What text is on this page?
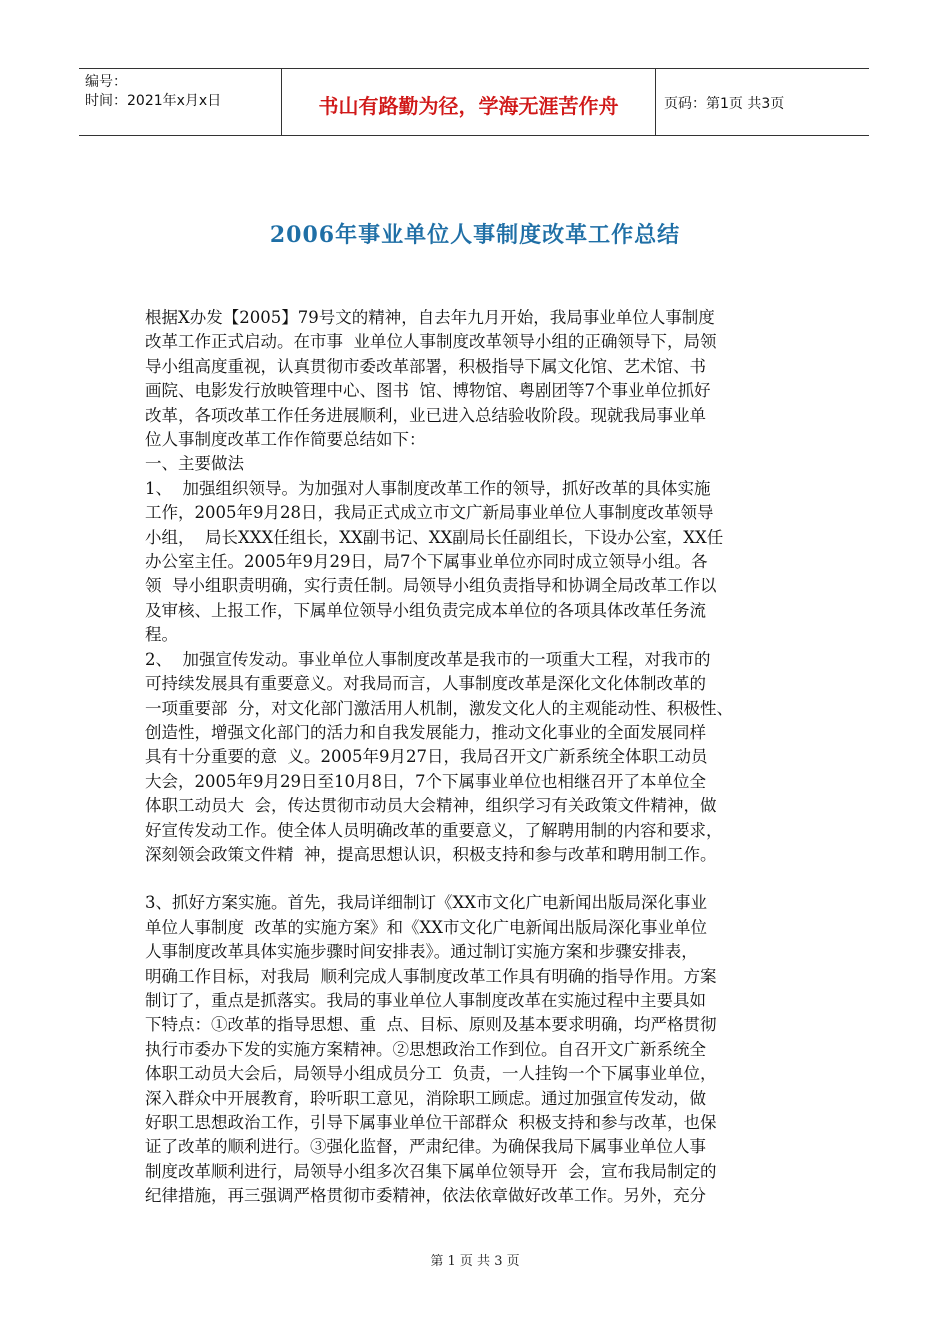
编号：
时间：2021年x月x日	书山有路勤为径，学海无涯苦作舟	页码：第1页 共3页
2006年事业单位人事制度改革工作总结

根据X办发【2005】79号文的精神，自去年九月开始，我局事业单位人事制度

改革工作正式启动。在市事  业单位人事制度改革领导小组的正确领导下，局领

导小组高度重视，认真贯彻市委改革部署，积极指导下属文化馆、艺术馆、书

画院、电影发行放映管理中心、图书  馆、博物馆、粤剧团等7个事业单位抓好

改革，各项改革工作任务进展顺利，业已进入总结验收阶段。现就我局事业单

位人事制度改革工作作简要总结如下：

一、主要做法

1、  加强组织领导。为加强对人事制度改革工作的领导，抓好改革的具体实施

工作，2005年9月28日，我局正式成立市文广新局事业单位人事制度改革领导

小组，  局长XXX任组长，XX副书记、XX副局长任副组长，下设办公室，XX任

办公室主任。2005年9月29日，局7个下属事业单位亦同时成立领导小组。各

领  导小组职责明确，实行责任制。局领导小组负责指导和协调全局改革工作以

及审核、上报工作，下属单位领导小组负责完成本单位的各项具体改革任务流

程。

2、  加强宣传发动。事业单位人事制度改革是我市的一项重大工程，对我市的

可持续发展具有重要意义。对我局而言，人事制度改革是深化文化体制改革的

一项重要部  分，对文化部门激活用人机制，激发文化人的主观能动性、积极性、

创造性，增强文化部门的活力和自我发展能力，推动文化事业的全面发展同样

具有十分重要的意  义。2005年9月27日，我局召开文广新系统全体职工动员

大会，2005年9月29日至10月8日，7个下属事业单位也相继召开了本单位全

体职工动员大  会，传达贯彻市动员大会精神，组织学习有关政策文件精神，做

好宣传发动工作。使全体人员明确改革的重要意义，了解聘用制的内容和要求，

深刻领会政策文件精  神，提高思想认识，积极支持和参与改革和聘用制工作。

3、抓好方案实施。首先，我局详细制订《XX市文化广电新闻出版局深化事业

单位人事制度  改革的实施方案》和《XX市文化广电新闻出版局深化事业单位

人事制度改革具体实施步骤时间安排表》。通过制订实施方案和步骤安排表，

明确工作目标，对我局  顺利完成人事制度改革工作具有明确的指导作用。方案

制订了，重点是抓落实。我局的事业单位人事制度改革在实施过程中主要具如

下特点：①改革的指导思想、重  点、目标、原则及基本要求明确，均严格贯彻

执行市委办下发的实施方案精神。②思想政治工作到位。自召开文广新系统全

体职工动员大会后，局领导小组成员分工  负责，一人挂钩一个下属事业单位，

深入群众中开展教育，聆听职工意见，消除职工顾虑。通过加强宣传发动，做

好职工思想政治工作，引导下属事业单位干部群众  积极支持和参与改革，也保

证了改革的顺利进行。③强化监督，严肃纪律。为确保我局下属事业单位人事

制度改革顺利进行，局领导小组多次召集下属单位领导开  会，宣布我局制定的

纪律措施，再三强调严格贯彻市委精神，依法依章做好改革工作。另外，充分

第 1 页 共 3 页
